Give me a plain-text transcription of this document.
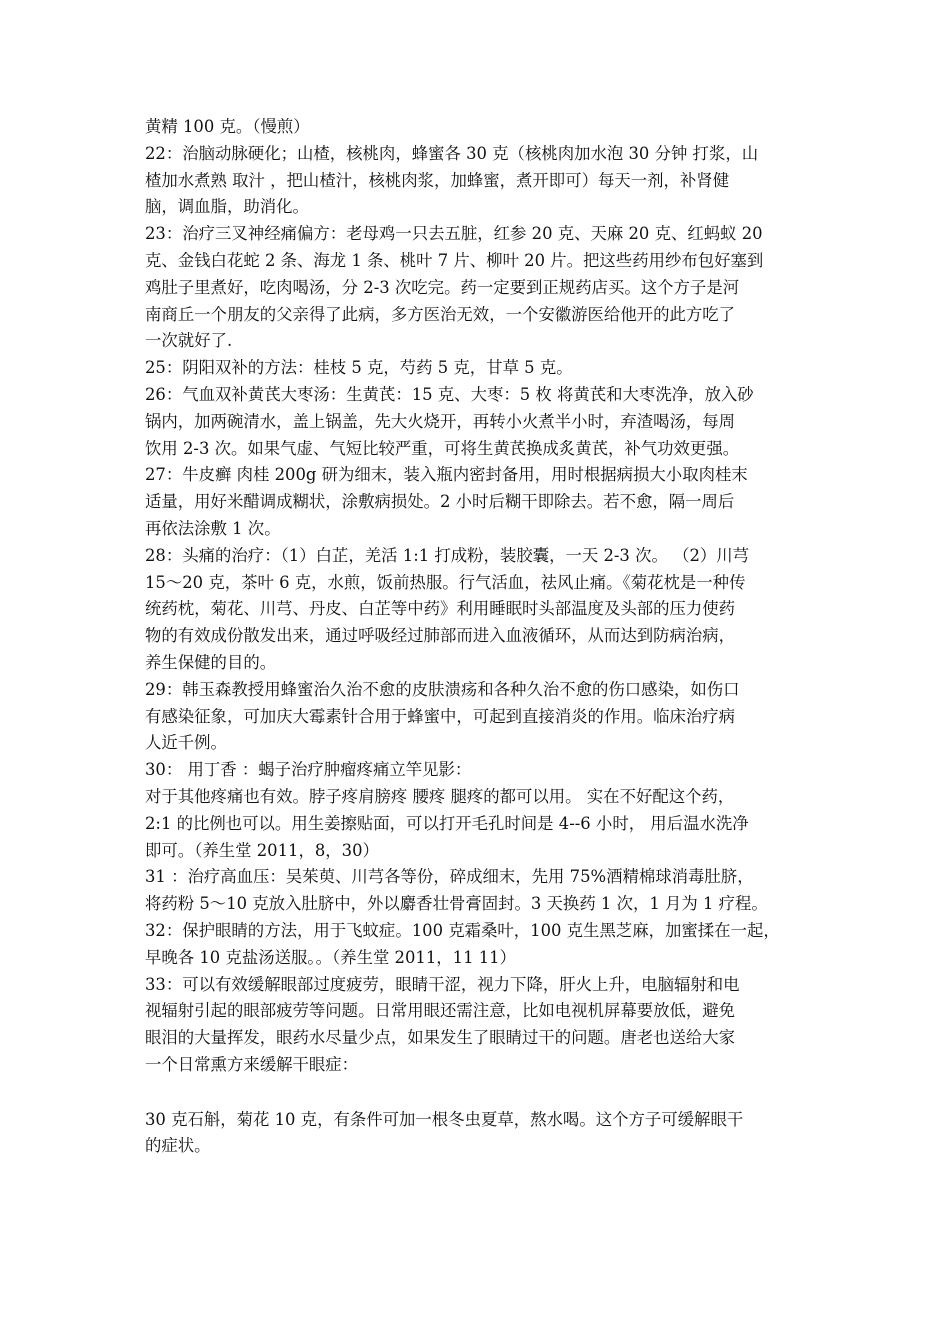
黄精 100 克。（慢煎）
22：治脑动脉硬化；山楂，核桃肉，蜂蜜各 30 克（核桃肉加水泡 30 分钟 打浆，山
楂加水煮熟 取汁 ，把山楂汁，核桃肉浆，加蜂蜜，煮开即可）每天一剂，补肾健
脑，调血脂，助消化。
23：治疗三叉神经痛偏方：老母鸡一只去五脏，红参 20 克、天麻 20 克、红蚂蚁 20
克、金钱白花蛇 2 条、海龙 1 条、桃叶 7 片、柳叶 20 片。把这些药用纱布包好塞到
鸡肚子里煮好，吃肉喝汤，分 2-3 次吃完。药一定要到正规药店买。这个方子是河
南商丘一个朋友的父亲得了此病，多方医治无效，一个安徽游医给他开的此方吃了
一次就好了.
25：阴阳双补的方法：桂枝 5 克，芍药 5 克，甘草 5 克。
26：气血双补黄芪大枣汤：生黄芪：15 克、大枣：5 枚 将黄芪和大枣洗净，放入砂
锅内，加两碗清水，盖上锅盖，先大火烧开，再转小火煮半小时，弃渣喝汤，每周
饮用 2-3 次。如果气虚、气短比较严重，可将生黄芪换成炙黄芪，补气功效更强。
27：牛皮癣 肉桂 200g 研为细末，装入瓶内密封备用，用时根据病损大小取肉桂末
适量，用好米醋调成糊状，涂敷病损处。2 小时后糊干即除去。若不愈，隔一周后
再依法涂敷 1 次。
28：头痛的治疗：（1）白芷，羌活 1:1 打成粉，装胶囊，一天 2-3 次。 （2）川芎
15～20 克，茶叶 6 克，水煎，饭前热服。行气活血，祛风止痛。《菊花枕是一种传
统药枕，菊花、川芎、丹皮、白芷等中药》利用睡眠时头部温度及头部的压力使药
物的有效成份散发出来，通过呼吸经过肺部而进入血液循环，从而达到防病治病，
养生保健的目的。
29：韩玉森教授用蜂蜜治久治不愈的皮肤溃疡和各种久治不愈的伤口感染，如伤口
有感染征象，可加庆大霉素针合用于蜂蜜中，可起到直接消炎的作用。临床治疗病
人近千例。
30： 用丁香 ：蝎子治疗肿瘤疼痛立竿见影：
对于其他疼痛也有效。脖子疼肩膀疼 腰疼 腿疼的都可以用。 实在不好配这个药，
2:1 的比例也可以。用生姜擦贴面，可以打开毛孔时间是 4--6 小时， 用后温水洗净
即可。（养生堂 2011，8，30）
31 ：治疗高血压：吴茱萸、川芎各等份，碎成细末，先用 75%酒精棉球消毒肚脐，
将药粉 5～10 克放入肚脐中，外以麝香壮骨膏固封。3 天换药 1 次，1 月为 1 疗程。
32：保护眼睛的方法，用于飞蚊症。100 克霜桑叶，100 克生黑芝麻，加蜜揉在一起，
早晚各 10 克盐汤送服。。（养生堂 2011，11 11）
33：可以有效缓解眼部过度疲劳，眼睛干涩，视力下降，肝火上升，电脑辐射和电
视辐射引起的眼部疲劳等问题。日常用眼还需注意，比如电视机屏幕要放低，避免
眼泪的大量挥发，眼药水尽量少点，如果发生了眼睛过干的问题。唐老也送给大家
一个日常熏方来缓解干眼症：
30 克石斛，菊花 10 克，有条件可加一根冬虫夏草，熬水喝。这个方子可缓解眼干
的症状。
